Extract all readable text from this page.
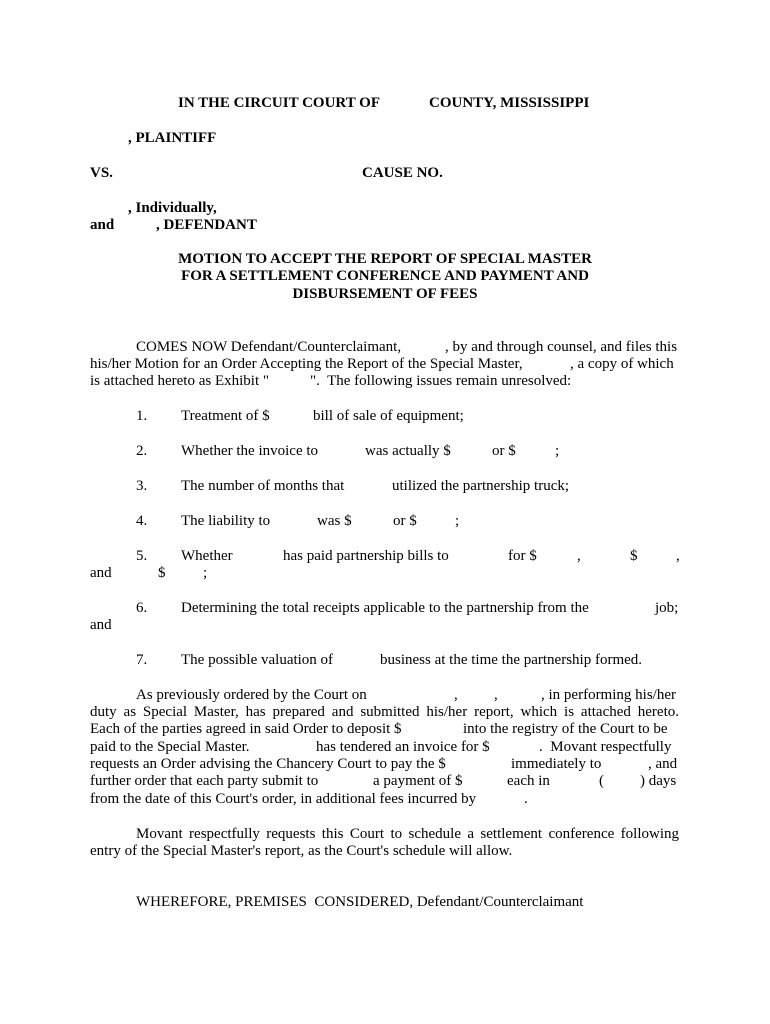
IN THE CIRCUIT COURT OF	COUNTY, MISSISSIPPI
, PLAINTIFF
VS.	CAUSE NO.
, Individually,
and	, DEFENDANT
MOTION TO ACCEPT THE REPORT OF SPECIAL MASTER
FOR A SETTLEMENT CONFERENCE AND PAYMENT AND
DISBURSEMENT OF FEES
COMES NOW Defendant/Counterclaimant,	, by and through counsel, and files this
his/her Motion for an Order Accepting the Report of the Special Master,	, a copy of which
is attached hereto as Exhibit "	".  The following issues remain unresolved:
1. Treatment of $	bill of sale of equipment;
2. Whether the invoice to	was actually $	or $	;
3. The number of months that	utilized the partnership truck;
4. The liability to	was $	or $	;
5. Whether	has paid partnership bills to	for $	,	$	,
and	$	;
6. Determining the total receipts applicable to the partnership from the	job;
and
7. The possible valuation of	business at the time the partnership formed.
As previously ordered by the Court on	, ,	, in performing his/her
duty as Special Master, has prepared and submitted his/her report, which is attached hereto.
Each of the parties agreed in said Order to deposit $	into the registry of the Court to be
paid to the Special Master.	has tendered an invoice for $	.  Movant respectfully
requests an Order advising the Chancery Court to pay the $	immediately to	, and
further order that each party submit to	a payment of $	each in	( ) days
from the date of this Court's order, in additional fees incurred by	.
Movant respectfully requests this Court to schedule a settlement conference following
entry of the Special Master's report, as the Court's schedule will allow.
WHEREFORE, PREMISES  CONSIDERED, Defendant/Counterclaimant
